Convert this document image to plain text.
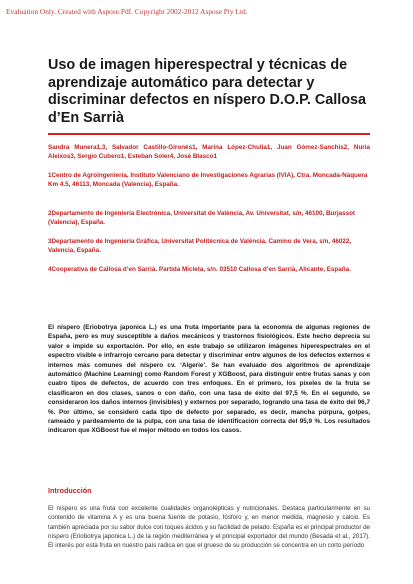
Evaluation Only. Created with Aspose.Pdf. Copyright 2002-2012 Aspose Pty Ltd.
Uso de imagen hiperespectral y técnicas de aprendizaje automático para detectar y discriminar defectos en níspero D.O.P. Callosa d’En Sarrià
Sandra Munera1,3, Salvador Castillo-Gironés1, Marina López-Chulia1, Juan Gómez-Sanchis2, Nuria Aleixos3, Sergio Cubero1, Esteban Soler4, José Blasco1

1Centro de Agroingeniería, Instituto Valenciano de Investigaciones Agrarias (IVIA), Ctra. Moncada-Náquera Km 4.5, 46113, Moncada (Valencia), España.

2Departamento de Ingeniería Electrónica, Universitat de València, Av. Universitat, s/n, 46100, Burjassot (Valencia), España.

3Departamento de Ingeniería Gráfica, Universitat Politècnica de València, Camino de Vera, s/n, 46022, Valencia, España.

4Cooperativa de Callosa d’en Sarrià. Partida Micleta, s/n. 03510 Callosa d’en Sarrià, Alicante, España.

El níspero (Eriobotrya japonica L.) es una fruta importante para la economía de algunas regiones de España, pero es muy susceptible a daños mecánicos y trastornos fisiológicos. Este hecho deprecia su valor e impide su exportación. Por ello, en este trabajo se utilizaron imágenes hiperespectrales en el espectro visible e infrarrojo cercano para detectar y discriminar entre algunos de los defectos externos e internos más comunes del níspero cv. ‘Algerie’. Se han evaluado dos algoritmos de aprendizaje automático (Machine Learning) como Random Forest y XGBoost, para distinguir entre frutas sanas y con cuatro tipos de defectos, de acuerdo con tres enfoques. En el primero, los píxeles de la fruta se clasificaron en dos clases, sanos o con daño, con una tasa de éxito del 97,5 %. En el segundo, se consideraron los daños internos (invisibles) y externos por separado, logrando una tasa de éxito del 96,7 %. Por último, se consideró cada tipo de defecto por separado, es decir, mancha púrpura, golpes, rameado y pardeamiento de la pulpa, con una tasa de identificación correcta del 95,9 %. Los resultados indicaron que XGBoost fue el mejor método en todos los casos.

Introducción

El níspero es una fruta con excelente cualidades organolépticas y nutricionales. Destaca particularmente en su contenido de vitamina A y es una buena fuente de potasio, fósforo y, en menor medida, magnesio y calcio. Es también apreciada por su sabor dulce con toques ácidos y su facilidad de pelado. España es el principal productor de níspero (Eriobotrya japonica L.) de la región mediterránea y el principal exportador del mundo (Besada et al., 2017). El interés por esta fruta en nuestro país radica en que el grueso de su producción se concentra en un corto período
